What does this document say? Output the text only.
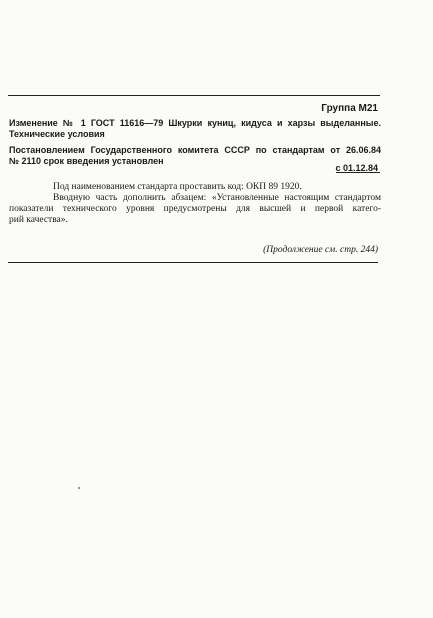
Группа М21
Изменение № 1 ГОСТ 11616—79 Шкурки куниц, кидуса и харзы выделанные.
Технические условия
Постановлением Государственного комитета СССР по стандартам от 26.06.84
№ 2110 срок введения установлен
с 01.12.84
Под наименованием стандарта проставить код: ОКП 89 1920.
Вводную часть дополнить абзацем: «Установленные настоящим стандартом
показатели технического уровня предусмотрены для высшей и первой катего-
рий качества».
(Продолжение см. стр. 244)
